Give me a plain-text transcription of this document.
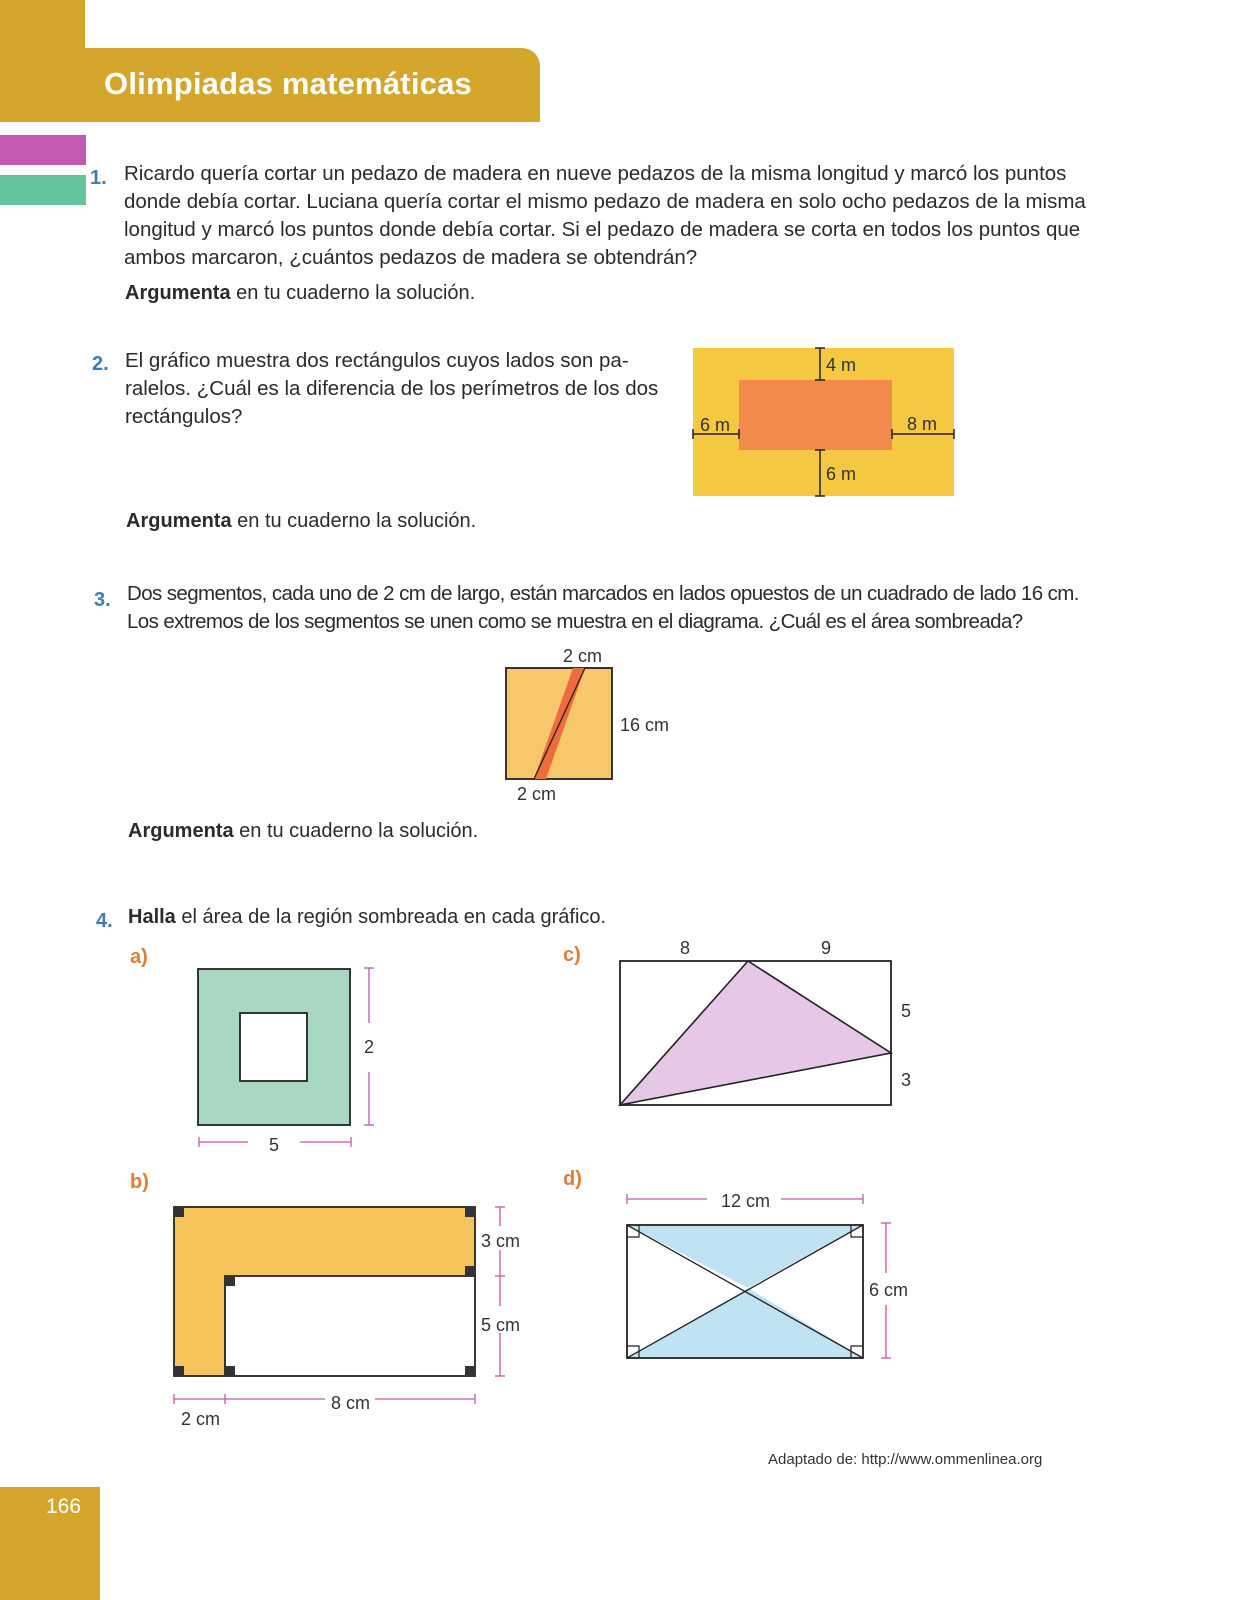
Olimpiadas matemáticas
1. Ricardo quería cortar un pedazo de madera en nueve pedazos de la misma longitud y marcó los puntos
donde debía cortar. Luciana quería cortar el mismo pedazo de madera en solo ocho pedazos de la misma
longitud y marcó los puntos donde debía cortar. Si el pedazo de madera se corta en todos los puntos que
ambos marcaron, ¿cuántos pedazos de madera se obtendrán?
Argumenta en tu cuaderno la solución.
2. El gráfico muestra dos rectángulos cuyos lados son pa-
ralelos. ¿Cuál es la diferencia de los perímetros de los dos
rectángulos?
Argumenta en tu cuaderno la solución.
4 m
6 m	8 m
6 m
3. Dos segmentos, cada uno de 2 cm de largo, están marcados en lados opuestos de un cuadrado de lado 16 cm.
Los extremos de los segmentos se unen como se muestra en el diagrama. ¿Cuál es el área sombreada?
2 cm
16 cm
2 cm
Argumenta en tu cuaderno la solución.
4. Halla el área de la región sombreada en cada gráfico.
a)
2
5
b)
3 cm
5 cm
2 cm
8 cm
c)	8	9
5
3
d)
12 cm
6 cm
Adaptado de: http://www.ommenlinea.org
166
